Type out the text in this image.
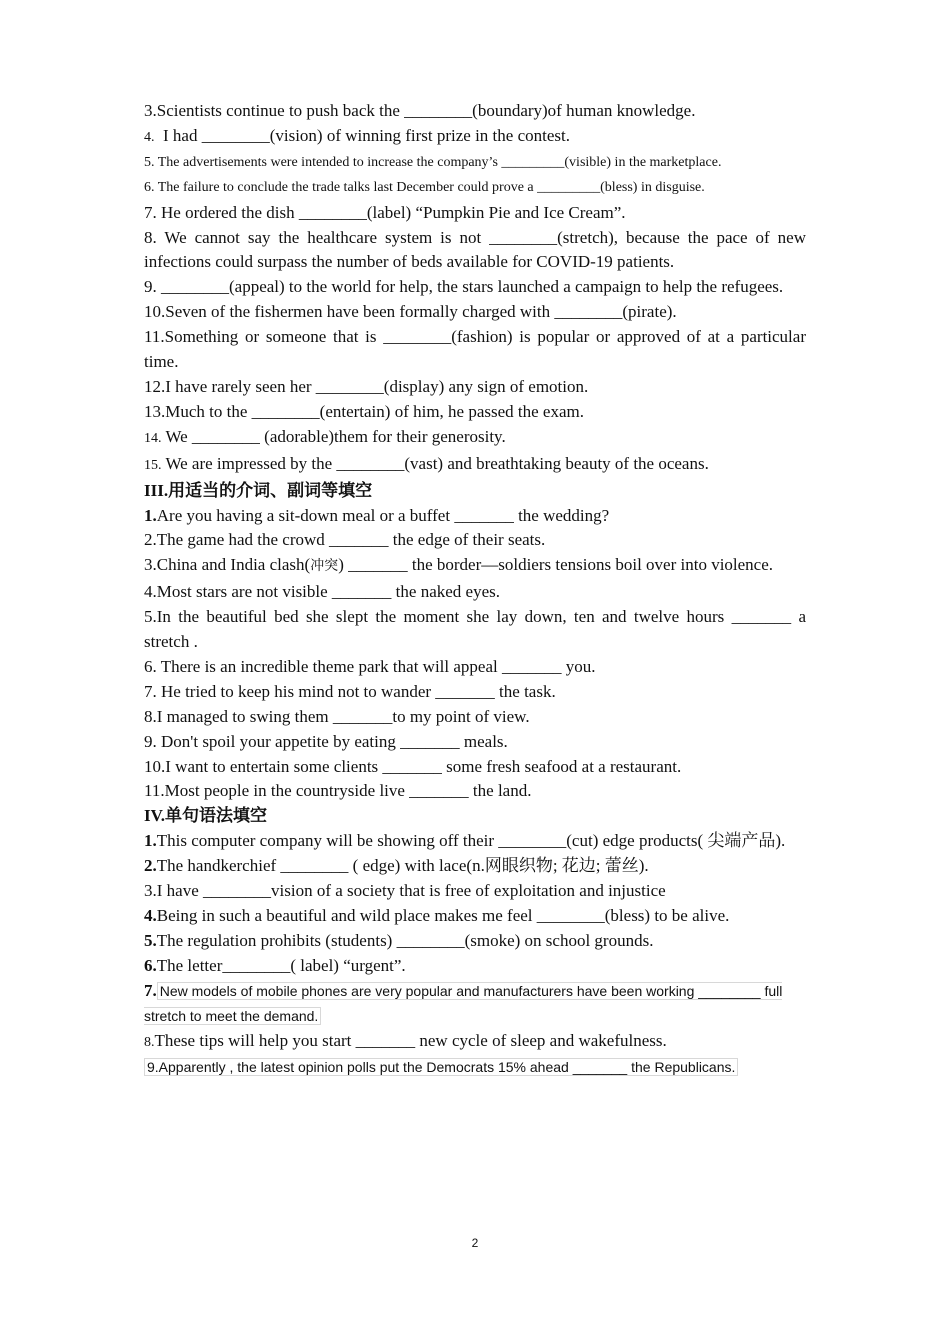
3.Scientists continue to push back the ________(boundary)of human knowledge.

4. I had ________(vision) of winning first prize in the contest.

5. The advertisements were intended to increase the company’s _________(visible) in the marketplace.

6. The failure to conclude the trade talks last December could prove a _________(bless) in disguise.

7. He ordered the dish ________(label) “Pumpkin Pie and Ice Cream”.

8. We cannot say the healthcare system is not ________(stretch), because the pace of new infections could surpass the number of beds available for COVID-19 patients.

9. ________(appeal) to the world for help, the stars launched a campaign to help the refugees.

10.Seven of the fishermen have been formally charged with ________(pirate).

11.Something or someone that is ________(fashion) is popular or approved of at a particular time.

12.I have rarely seen her ________(display) any sign of emotion.

13.Much to the ________(entertain) of him, he passed the exam.

14. We ________ (adorable)them for their generosity.

15. We are impressed by the ________(vast) and breathtaking beauty of the oceans.

III.用适当的介词、副词等填空

1.Are you having a sit-down meal or a buffet _______ the wedding?

2.The game had the crowd _______ the edge of their seats.

3.China and India clash(冲突) _______ the border—soldiers tensions boil over into violence.

4.Most stars are not visible _______ the naked eyes.

5.In the beautiful bed she slept the moment she lay down, ten and twelve hours _______ a stretch .

6. There is an incredible theme park that will appeal _______ you.

7. He tried to keep his mind not to wander _______ the task.

8.I managed to swing them _______to my point of view.

9. Don't spoil your appetite by eating _______ meals.

10.I want to entertain some clients _______ some fresh seafood at a restaurant.

11.Most people in the countryside live _______ the land.

IV.单句语法填空

1.This computer company will be showing off their ________(cut) edge products( 尖端产品).

2.The handkerchief ________ ( edge) with lace(n.网眼织物; 花边; 蕾丝).

3.I have ________vision of a society that is free of exploitation and injustice

4.Being in such a beautiful and wild place makes me feel ________(bless) to be alive.

5.The regulation prohibits (students) ________(smoke) on school grounds.

6.The letter________( label) “urgent”.

7. New models of mobile phones are very popular and manufacturers have been working ________ full stretch to meet the demand.

8.These tips will help you start _______ new cycle of sleep and wakefulness.

9.Apparently , the latest opinion polls put the Democrats 15% ahead _______ the Republicans.

2
